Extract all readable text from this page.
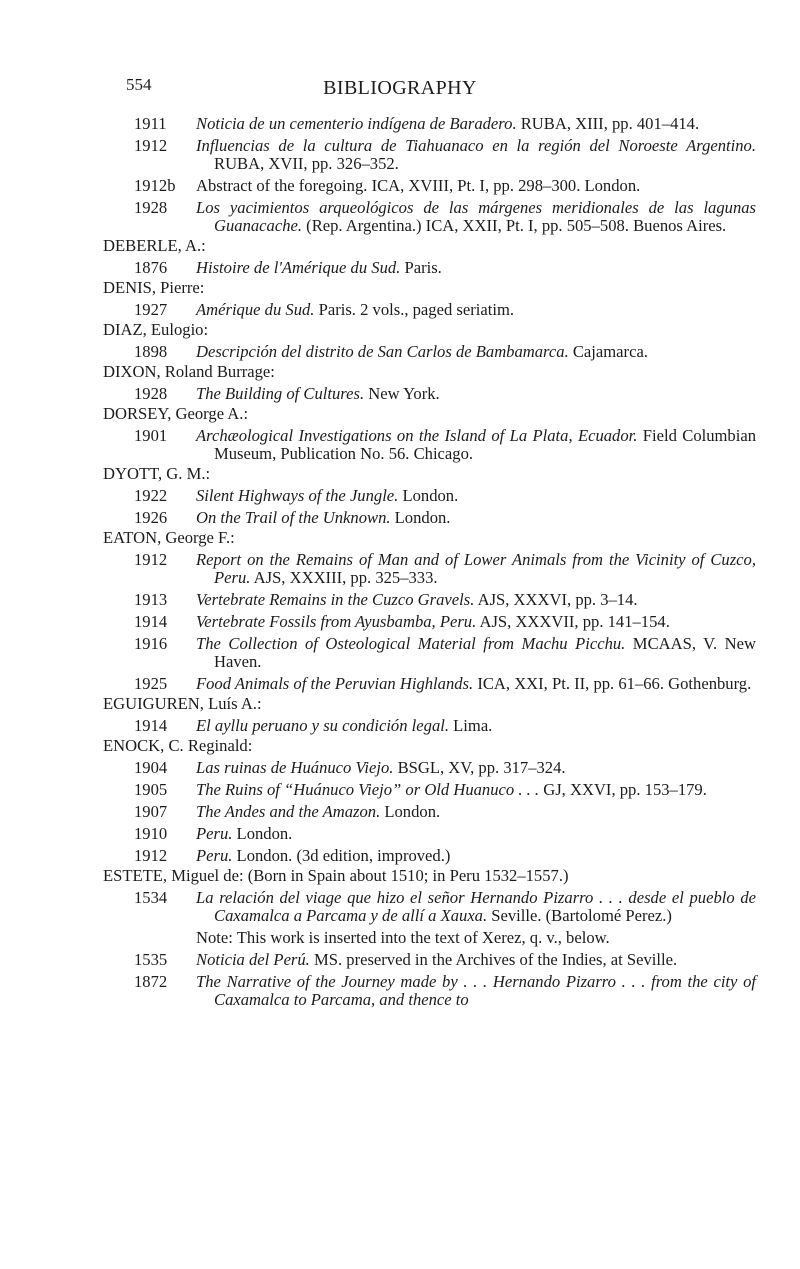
554	BIBLIOGRAPHY
1911	Noticia de un cementerio indígena de Baradero. RUBA, XIII, pp. 401–414.
1912	Influencias de la cultura de Tiahuanaco en la región del Noroeste Argentino. RUBA, XVII, pp. 326–352.
1912b	Abstract of the foregoing. ICA, XVIII, Pt. I, pp. 298–300. London.
1928	Los yacimientos arqueológicos de las márgenes meridionales de las lagunas Guanacache. (Rep. Argentina.) ICA, XXII, Pt. I, pp. 505–508. Buenos Aires.
DEBERLE, A.:
1876	Histoire de l'Amérique du Sud. Paris.
DENIS, Pierre:
1927	Amérique du Sud. Paris. 2 vols., paged seriatim.
DIAZ, Eulogio:
1898	Descripción del distrito de San Carlos de Bambamarca. Cajamarca.
DIXON, Roland Burrage:
1928	The Building of Cultures. New York.
DORSEY, George A.:
1901	Archæological Investigations on the Island of La Plata, Ecuador. Field Columbian Museum, Publication No. 56. Chicago.
DYOTT, G. M.:
1922	Silent Highways of the Jungle. London.
1926	On the Trail of the Unknown. London.
EATON, George F.:
1912	Report on the Remains of Man and of Lower Animals from the Vicinity of Cuzco, Peru. AJS, XXXIII, pp. 325–333.
1913	Vertebrate Remains in the Cuzco Gravels. AJS, XXXVI, pp. 3–14.
1914	Vertebrate Fossils from Ayusbamba, Peru. AJS, XXXVII, pp. 141–154.
1916	The Collection of Osteological Material from Machu Picchu. MCAAS, V. New Haven.
1925	Food Animals of the Peruvian Highlands. ICA, XXI, Pt. II, pp. 61–66. Gothenburg.
EGUIGUREN, Luís A.:
1914	El ayllu peruano y su condición legal. Lima.
ENOCK, C. Reginald:
1904	Las ruinas de Huánuco Viejo. BSGL, XV, pp. 317–324.
1905	The Ruins of “Huánuco Viejo” or Old Huanuco . . . GJ, XXVI, pp. 153–179.
1907	The Andes and the Amazon. London.
1910	Peru. London.
1912	Peru. London. (3d edition, improved.)
ESTETE, Miguel de: (Born in Spain about 1510; in Peru 1532–1557.)
1534	La relación del viage que hizo el señor Hernando Pizarro . . . desde el pueblo de Caxamalca a Parcama y de allí a Xauxa. Seville. (Bartolomé Perez.)
Note: This work is inserted into the text of Xerez, q. v., below.
1535	Noticia del Perú. MS. preserved in the Archives of the Indies, at Seville.
1872	The Narrative of the Journey made by . . . Hernando Pizarro . . . from the city of Caxamalca to Parcama, and thence to
